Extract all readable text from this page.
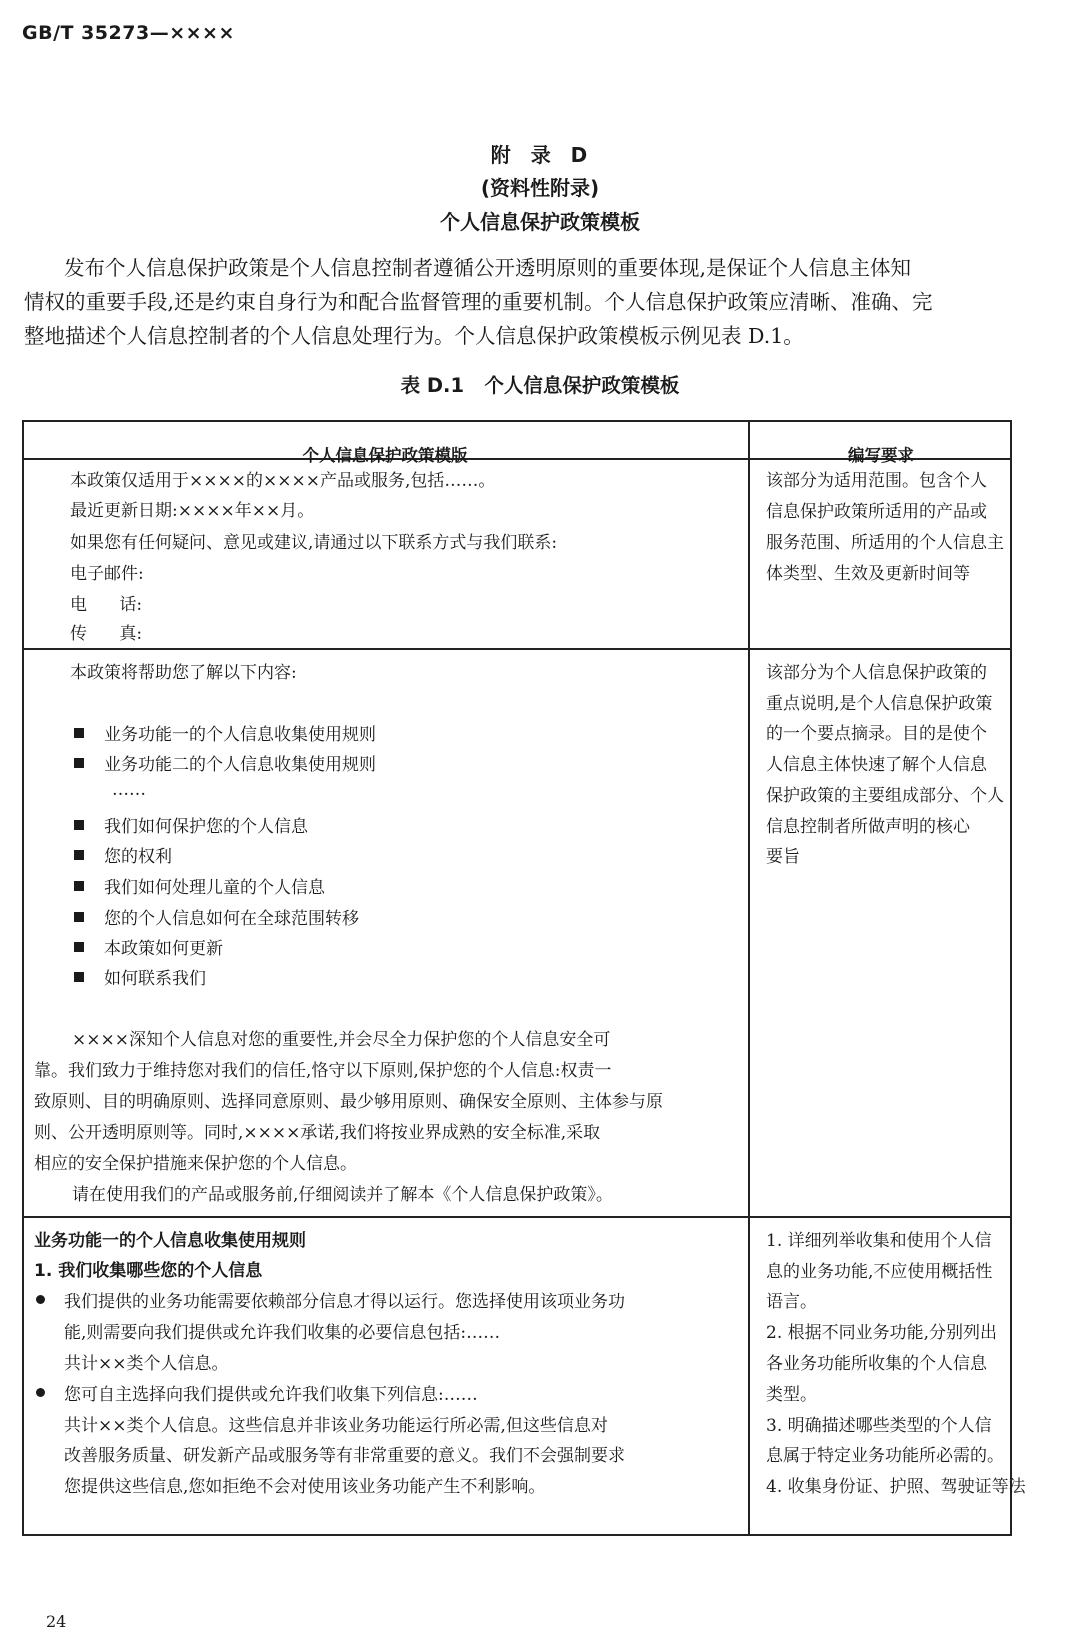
GB/T 35273—××××
附  录  D
(资料性附录)
个人信息保护政策模板
发布个人信息保护政策是个人信息控制者遵循公开透明原则的重要体现,是保证个人信息主体知
情权的重要手段,还是约束自身行为和配合监督管理的重要机制。个人信息保护政策应清晰、准确、完
整地描述个人信息控制者的个人信息处理行为。个人信息保护政策模板示例见表 D.1。
表 D.1   个人信息保护政策模板
个人信息保护政策模版	编写要求
本政策仅适用于××××的××××产品或服务,包括……。
最近更新日期:××××年××月。
如果您有任何疑问、意见或建议,请通过以下联系方式与我们联系:
电子邮件:
电      话:
传      真:
该部分为适用范围。包含个人
信息保护政策所适用的产品或
服务范围、所适用的个人信息主
体类型、生效及更新时间等
本政策将帮助您了解以下内容:
业务功能一的个人信息收集使用规则
业务功能二的个人信息收集使用规则
……
我们如何保护您的个人信息
您的权利
我们如何处理儿童的个人信息
您的个人信息如何在全球范围转移
本政策如何更新
如何联系我们
××××深知个人信息对您的重要性,并会尽全力保护您的个人信息安全可
靠。我们致力于维持您对我们的信任,恪守以下原则,保护您的个人信息:权责一
致原则、目的明确原则、选择同意原则、最少够用原则、确保安全原则、主体参与原
则、公开透明原则等。同时,××××承诺,我们将按业界成熟的安全标准,采取
相应的安全保护措施来保护您的个人信息。
请在使用我们的产品或服务前,仔细阅读并了解本《个人信息保护政策》。
该部分为个人信息保护政策的
重点说明,是个人信息保护政策
的一个要点摘录。目的是使个
人信息主体快速了解个人信息
保护政策的主要组成部分、个人
信息控制者所做声明的核心
要旨
业务功能一的个人信息收集使用规则
1. 我们收集哪些您的个人信息
我们提供的业务功能需要依赖部分信息才得以运行。您选择使用该项业务功
能,则需要向我们提供或允许我们收集的必要信息包括:……
共计××类个人信息。
您可自主选择向我们提供或允许我们收集下列信息:……
共计××类个人信息。这些信息并非该业务功能运行所必需,但这些信息对
改善服务质量、研发新产品或服务等有非常重要的意义。我们不会强制要求
您提供这些信息,您如拒绝不会对使用该业务功能产生不利影响。
1. 详细列举收集和使用个人信
息的业务功能,不应使用概括性
语言。
2. 根据不同业务功能,分别列出
各业务功能所收集的个人信息
类型。
3. 明确描述哪些类型的个人信
息属于特定业务功能所必需的。
4. 收集身份证、护照、驾驶证等法
24
